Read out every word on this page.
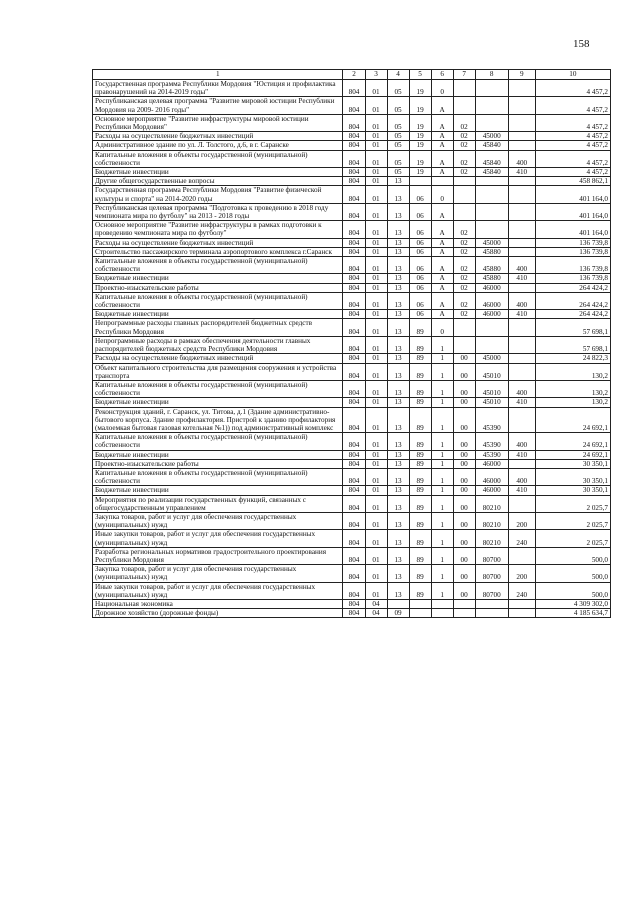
158
1	2	3	4	5	6	7	8	9	10
Государственная программа Республики Мордовия "Юстиция и профилактика правонарушений на 2014-2019 годы"	804	01	05	19	0				4 457,2
Республиканская целевая программа "Развитие мировой юстиции Республики Мордовия на 2009- 2016 годы"	804	01	05	19	А				4 457,2
Основное мероприятие "Развитие инфраструктуры мировой юстиции Республики Мордовия"	804	01	05	19	А	02			4 457,2
Расходы на осуществление бюджетных инвестиций	804	01	05	19	А	02	45000		4 457,2
Административное здание по ул. Л. Толстого, д.6, в г. Саранске	804	01	05	19	А	02	45840		4 457,2
Капитальные вложения в объекты государственной (муниципальной) собственности	804	01	05	19	А	02	45840	400	4 457,2
Бюджетные инвестиции	804	01	05	19	А	02	45840	410	4 457,2
Другие общегосударственные вопросы	804	01	13						458 862,1
Государственная программа Республики Мордовия "Развитие физической культуры и спорта" на 2014-2020 годы	804	01	13	06	0				401 164,0
Республиканская целевая программа "Подготовка к проведению в 2018 году чемпионата мира по футболу" на 2013 - 2018 годы	804	01	13	06	А				401 164,0
Основное мероприятие "Развитие инфраструктуры в рамках подготовки к проведению чемпионата мира по футболу"	804	01	13	06	А	02			401 164,0
Расходы на осуществление бюджетных инвестиций	804	01	13	06	А	02	45000		136 739,8
Строительство пассажирского терминала аэропортового комплекса г.Саранск	804	01	13	06	А	02	45880		136 739,8
Капитальные вложения в объекты государственной (муниципальной) собственности	804	01	13	06	А	02	45880	400	136 739,8
Бюджетные инвестиции	804	01	13	06	А	02	45880	410	136 739,8
Проектно-изыскательские работы	804	01	13	06	А	02	46000		264 424,2
Капитальные вложения в объекты государственной (муниципальной) собственности	804	01	13	06	А	02	46000	400	264 424,2
Бюджетные инвестиции	804	01	13	06	А	02	46000	410	264 424,2
Непрограммные расходы главных распорядителей бюджетных средств Республики Мордовия	804	01	13	89	0				57 698,1
Непрограммные расходы в рамках обеспечения деятельности главных распорядителей бюджетных средств Республики Мордовия	804	01	13	89	1				57 698,1
Расходы на осуществление бюджетных инвестиций	804	01	13	89	1	00	45000		24 822,3
Объект капитального строительства для размещения сооружения и устройства транспорта	804	01	13	89	1	00	45010		130,2
Капитальные вложения в объекты государственной (муниципальной) собственности	804	01	13	89	1	00	45010	400	130,2
Бюджетные инвестиции	804	01	13	89	1	00	45010	410	130,2
Реконструкция зданий, г. Саранск, ул. Титова, д.1 (Здание административно-бытового корпуса. Здание профилактория. Пристрой к зданию профилактория (малоемкая бытовая газовая котельная №1)) под административный комплекс	804	01	13	89	1	00	45390		24 692,1
Капитальные вложения в объекты государственной (муниципальной) собственности	804	01	13	89	1	00	45390	400	24 692,1
Бюджетные инвестиции	804	01	13	89	1	00	45390	410	24 692,1
Проектно-изыскательские работы	804	01	13	89	1	00	46000		30 350,1
Капитальные вложения в объекты государственной (муниципальной) собственности	804	01	13	89	1	00	46000	400	30 350,1
Бюджетные инвестиции	804	01	13	89	1	00	46000	410	30 350,1
Мероприятия по реализации государственных функций, связанных с общегосударственным управлением	804	01	13	89	1	00	80210		2 025,7
Закупка товаров, работ и услуг для обеспечения государственных (муниципальных) нужд	804	01	13	89	1	00	80210	200	2 025,7
Иные закупки товаров, работ и услуг для обеспечения государственных (муниципальных) нужд	804	01	13	89	1	00	80210	240	2 025,7
Разработка региональных нормативов градостроительного проектирования Республики Мордовия	804	01	13	89	1	00	80700		500,0
Закупка товаров, работ и услуг для обеспечения государственных (муниципальных) нужд	804	01	13	89	1	00	80700	200	500,0
Иные закупки товаров, работ и услуг для обеспечения государственных (муниципальных) нужд	804	01	13	89	1	00	80700	240	500,0
Национальная экономика	804	04							4 309 302,0
Дорожное хозяйство (дорожные фонды)	804	04	09						4 185 634,7
